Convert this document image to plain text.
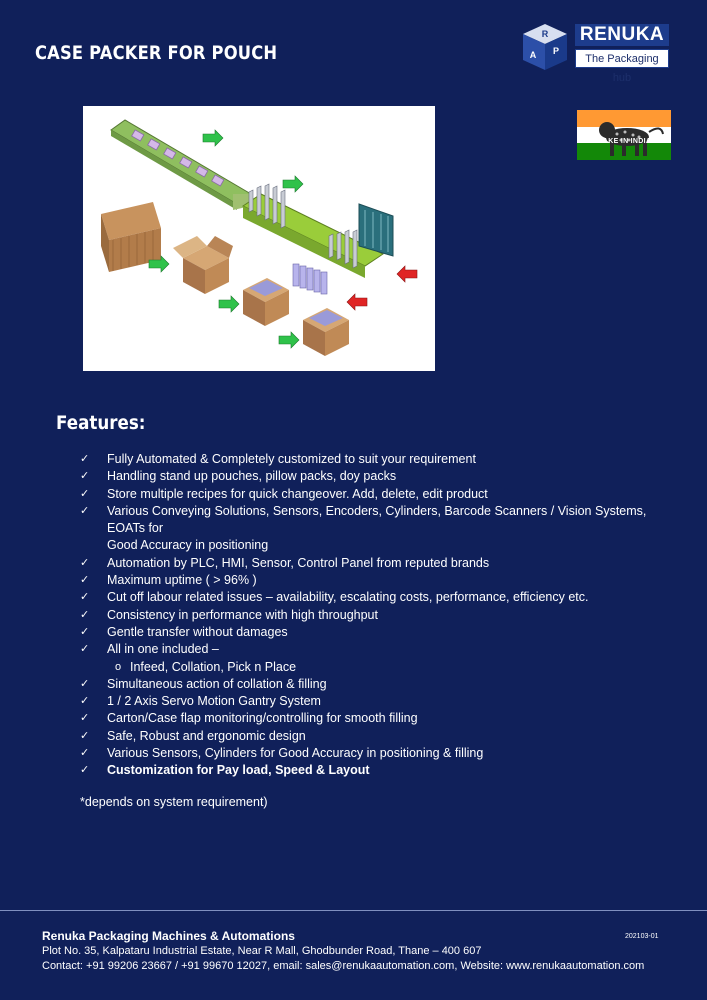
CASE PACKER FOR POUCH
R
A P
RENUKA
The Packaging hub
MAKE IN INDIA
Features:
✓ Fully Automated & Completely customized to suit your requirement
✓ Handling stand up pouches, pillow packs, doy packs
✓ Store multiple recipes for quick changeover. Add, delete, edit product
✓ Various Conveying Solutions, Sensors, Encoders, Cylinders, Barcode Scanners / Vision Systems, EOATs for
Good Accuracy in positioning
✓ Automation by PLC, HMI, Sensor, Control Panel from reputed brands
✓ Maximum uptime ( > 96% )
✓ Cut off labour related issues – availability, escalating costs, performance, efficiency etc.
✓ Consistency in performance with high throughput
✓ Gentle transfer without damages
✓ All in one included –
o Infeed, Collation, Pick n Place
✓ Simultaneous action of collation & filling
✓ 1 / 2 Axis Servo Motion Gantry System
✓ Carton/Case flap monitoring/controlling for smooth filling
✓ Safe, Robust and ergonomic design
✓ Various Sensors, Cylinders for Good Accuracy in positioning & filling
✓ Customization for Pay load, Speed & Layout
*depends on system requirement)
Renuka Packaging Machines & Automations	202103-01
Plot No. 35, Kalpataru Industrial Estate, Near R Mall, Ghodbunder Road, Thane – 400 607
Contact: +91 99206 23667 / +91 99670 12027, email: sales@renukaautomation.com, Website: www.renukaautomation.com
